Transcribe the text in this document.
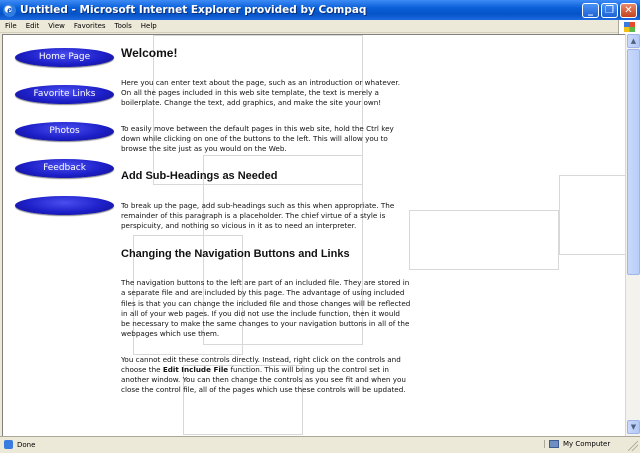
e Untitled - Microsoft Internet Explorer provided by Compaq	_	❐	✕
File Edit View Favorites Tools Help
Home Page
Favorite Links
Photos
Feedback
Welcome!

Here you can enter text about the page, such as an introduction or whatever. On all the pages included in this web site template, the text is merely a boilerplate. Change the text, add graphics, and make the site your own!

To easily move between the default pages in this web site, hold the Ctrl key down while clicking on one of the buttons to the left. This will allow you to browse the site just as you would on the Web.

Add Sub-Headings as Needed

To break up the page, add sub-headings such as this when appropriate. The remainder of this paragraph is a placeholder. The chief virtue of a style is perspicuity, and nothing so vicious in it as to need an interpreter.

Changing the Navigation Buttons and Links

The navigation buttons to the left are part of an included file. They are stored in a separate file and are included by this page. The advantage of using included files is that you can change the included file and those changes will be reflected in all of your web pages. If you did not use the include function, then it would be necessary to make the same changes to your navigation buttons in all of the webpages which use them.

You cannot edit these controls directly. Instead, right click on the controls and choose the Edit Include File function. This will bring up the control set in another window. You can then change the controls as you see fit and when you close the control file, all of the pages which use these controls will be updated.

▲
▼
Done	My Computer
